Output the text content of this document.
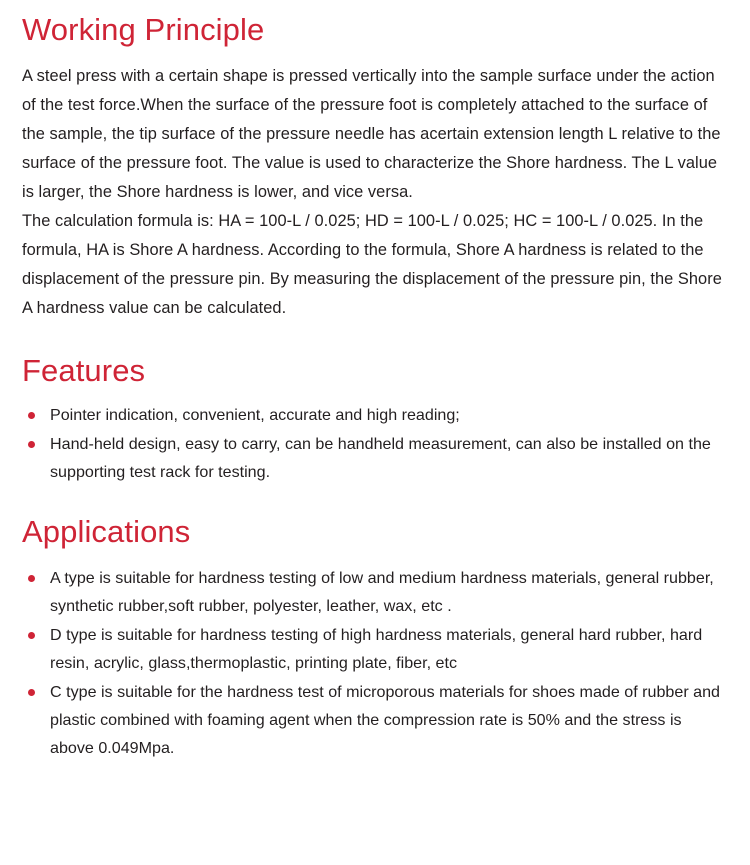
Working Principle

A steel press with a certain shape is pressed vertically into the sample surface under the action of the test force.When the surface of the pressure foot is completely attached to the surface of the sample, the tip surface of the pressure needle has acertain extension length L relative to the surface of the pressure foot. The value is used to characterize the Shore hardness. The L value is larger, the Shore hardness is lower, and vice versa.

The calculation formula is: HA = 100-L / 0.025; HD = 100-L / 0.025; HC = 100-L / 0.025. In the formula, HA is Shore A hardness. According to the formula, Shore A hardness is related to the displacement of the pressure pin. By measuring the displacement of the pressure pin, the Shore A hardness value can be calculated.

Features
Pointer indication, convenient, accurate and high reading;
Hand-held design, easy to carry, can be handheld measurement, can also be installed on the supporting test rack for testing.
Applications
A type is suitable for hardness testing of low and medium hardness materials, general rubber, synthetic rubber,soft rubber, polyester, leather, wax, etc .
D type is suitable for hardness testing of high hardness materials, general hard rubber, hard resin, acrylic, glass,thermoplastic, printing plate, fiber, etc
C type is suitable for the hardness test of microporous materials for shoes made of rubber and plastic combined with foaming agent when the compression rate is 50% and the stress is above 0.049Mpa.
